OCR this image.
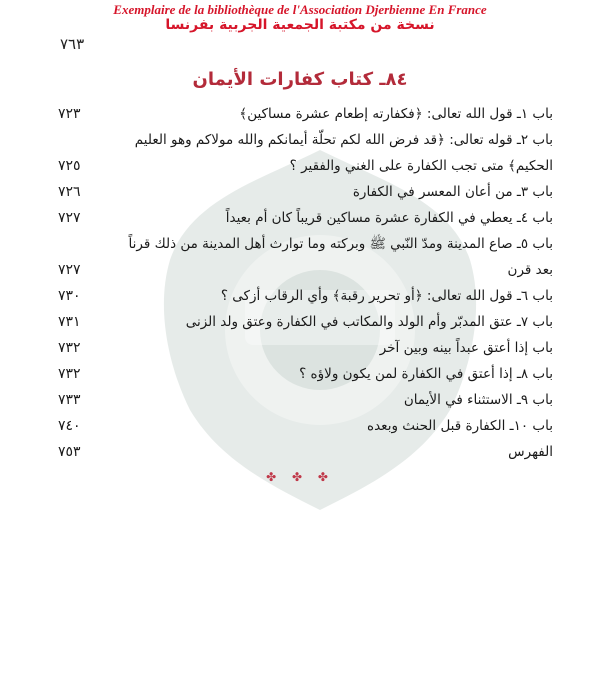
Exemplaire de la bibliothèque de l'Association Djerbienne En France
نسخة من مكتبة الجمعية الجربية بفرنسا
٧٦٣
٨٤ـ كتاب كفارات الأيمان
باب ١ـ قول الله تعالى: ﴿فكفارته إطعام عشرة مساكين﴾
٧٢٣
باب ٢ـ قوله تعالى: ﴿قد فرض الله لكم تحلّة أيمانكم والله مولاكم وهو العليم
الحكيم﴾ متى تجب الكفارة على الغني والفقير ؟
٧٢٥
باب ٣ـ من أعان المعسر في الكفارة
٧٢٦
باب ٤ـ يعطي في الكفارة عشرة مساكين قريباً كان أم بعيداً
٧٢٧
باب ٥ـ صاع المدينة ومدّ النّبي ﷺ وبركته وما توارث أهل المدينة من ذلك قرناً
بعد قرن
٧٢٧
باب ٦ـ قول الله تعالى: ﴿أو تحرير رقبة﴾ وأي الرقاب أزكى ؟
٧٣٠
باب ٧ـ عتق المدبّر وأم الولد والمكاتب في الكفارة وعتق ولد الزنى
٧٣١
باب إذا أعتق عبداً بينه وبين آخر
٧٣٢
باب ٨ـ إذا أعتق في الكفارة لمن يكون ولاؤه ؟
٧٣٢
باب ٩ـ الاستثناء في الأيمان
٧٣٣
باب ١٠ـ الكفارة قبل الحنث وبعده
٧٤٠
الفهرس
٧٥٣
✤ ✤ ✤
